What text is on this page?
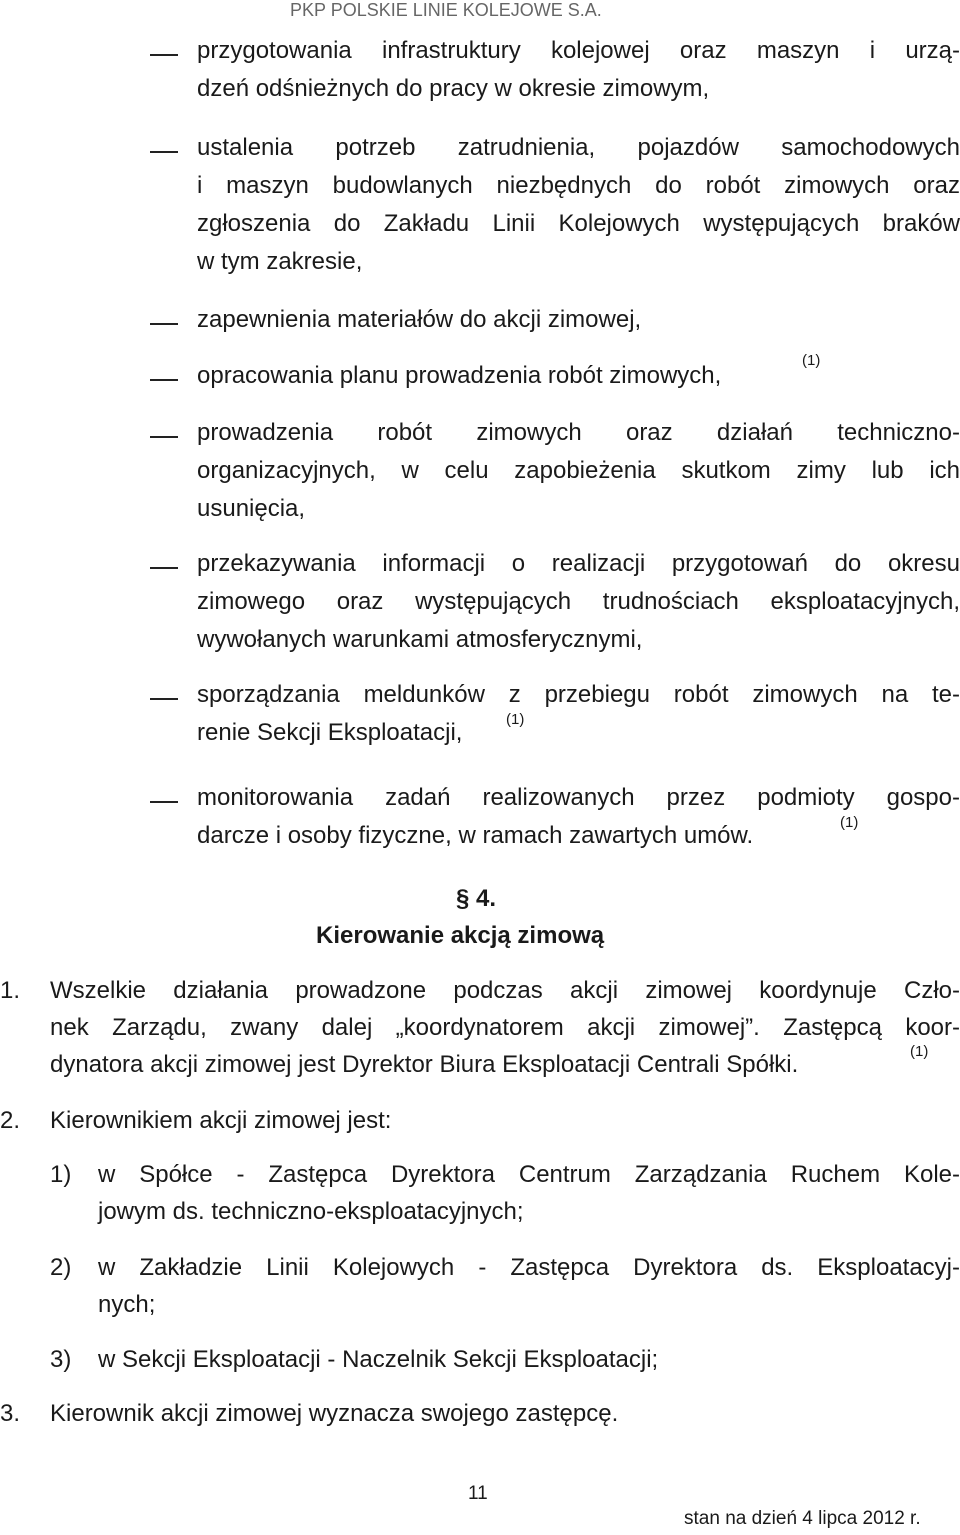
PKP POLSKIE LINIE KOLEJOWE S.A.
przygotowania infrastruktury kolejowej oraz maszyn i urzą-
dzeń odśnieżnych do pracy w okresie zimowym,
ustalenia potrzeb zatrudnienia, pojazdów samochodowych
i maszyn budowlanych niezbędnych do robót zimowych oraz
zgłoszenia do Zakładu Linii Kolejowych występujących braków
w tym zakresie,
zapewnienia materiałów do akcji zimowej,
opracowania planu prowadzenia robót zimowych,
(1)
prowadzenia robót zimowych oraz działań techniczno-
organizacyjnych, w celu zapobieżenia skutkom zimy lub ich
usunięcia,
przekazywania informacji o realizacji przygotowań do okresu
zimowego oraz występujących trudnościach eksploatacyjnych,
wywołanych warunkami atmosferycznymi,
sporządzania meldunków z przebiegu robót zimowych na te-
renie Sekcji Eksploatacji,	(1)
monitorowania zadań realizowanych przez podmioty gospo-
darcze i osoby fizyczne, w ramach zawartych umów.	(1)
§ 4.
Kierowanie akcją zimową
1. Wszelkie działania prowadzone podczas akcji zimowej koordynuje Czło-
nek Zarządu, zwany dalej „koordynatorem akcji zimowej”. Zastępcą koor-
dynatora akcji zimowej jest Dyrektor Biura Eksploatacji Centrali Spółki.	(1)
2. Kierownikiem akcji zimowej jest:
1) w Spółce - Zastępca Dyrektora Centrum Zarządzania Ruchem Kole-
jowym ds. techniczno-eksploatacyjnych;
2) w Zakładzie Linii Kolejowych - Zastępca Dyrektora ds. Eksploatacyj-
nych;
3) w Sekcji Eksploatacji - Naczelnik Sekcji Eksploatacji;
3. Kierownik akcji zimowej wyznacza swojego zastępcę.
11
stan na dzień 4 lipca 2012 r.
